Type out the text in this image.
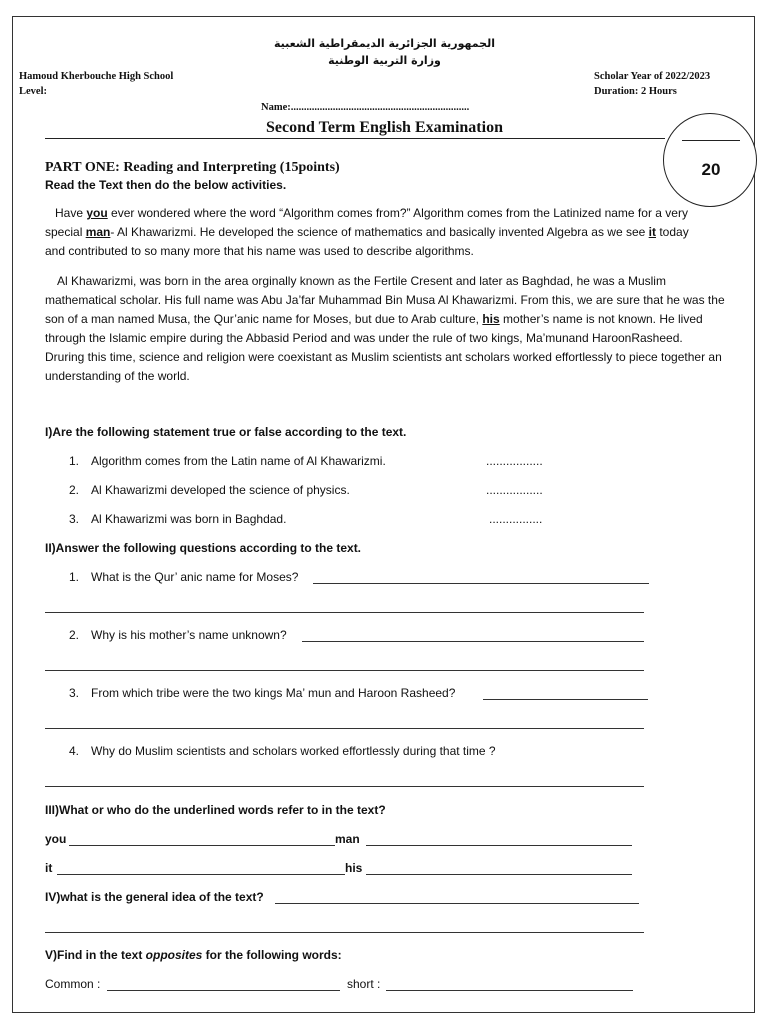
الجمهورية الجزائرية الديمقراطية الشعبية
وزارة التربية الوطنية
Hamoud Kherbouche High School
Level:
Scholar Year of 2022/2023
Duration: 2 Hours
Name:....................................................................
Second Term English Examination
20
PART ONE: Reading and Interpreting (15points)
Read the Text then do the below activities.
Have you ever wondered where the word “Algorithm comes from?” Algorithm comes from the Latinized name for a very special man- Al Khawarizmi. He developed the science of mathematics and basically invented Algebra as we see it today and contributed to so many more that his name was used to describe algorithms.
Al Khawarizmi, was born in the area orginally known as the Fertile Cresent and later as Baghdad, he was a Muslim mathematical scholar. His full name was Abu Ja’far Muhammad Bin Musa Al Khawarizmi. From this, we are sure that he was the son of a man named Musa, the Qur’anic name for Moses, but due to Arab culture, his mother’s name is not known. He lived through the Islamic empire during the Abbasid Period and was under the rule of two kings, Ma’munand HaroonRasheed. Druring this time, science and religion were coexistant as Muslim scientists ant scholars worked effortlessly to piece together an understanding of the world.
I)Are the following statement true or false according to the text.
1. Algorithm comes from the Latin name of Al Khawarizmi.	.................
2. Al Khawarizmi developed the science of physics.	.................
3. Al Khawarizmi was born in Baghdad.	................
II)Answer the following questions according to the text.
1. What is the Qur’ anic name for Moses?
2. Why is his mother’s name unknown?
3. From which tribe were the two kings Ma’ mun and Haroon Rasheed?
4. Why do Muslim scientists and scholars worked effortlessly during that time ?
III)What or who do the underlined words refer to in the text?
you	man
it	his
IV)what is the general idea of the text?
V)Find in the text opposites for the following words:
Common :	short :
